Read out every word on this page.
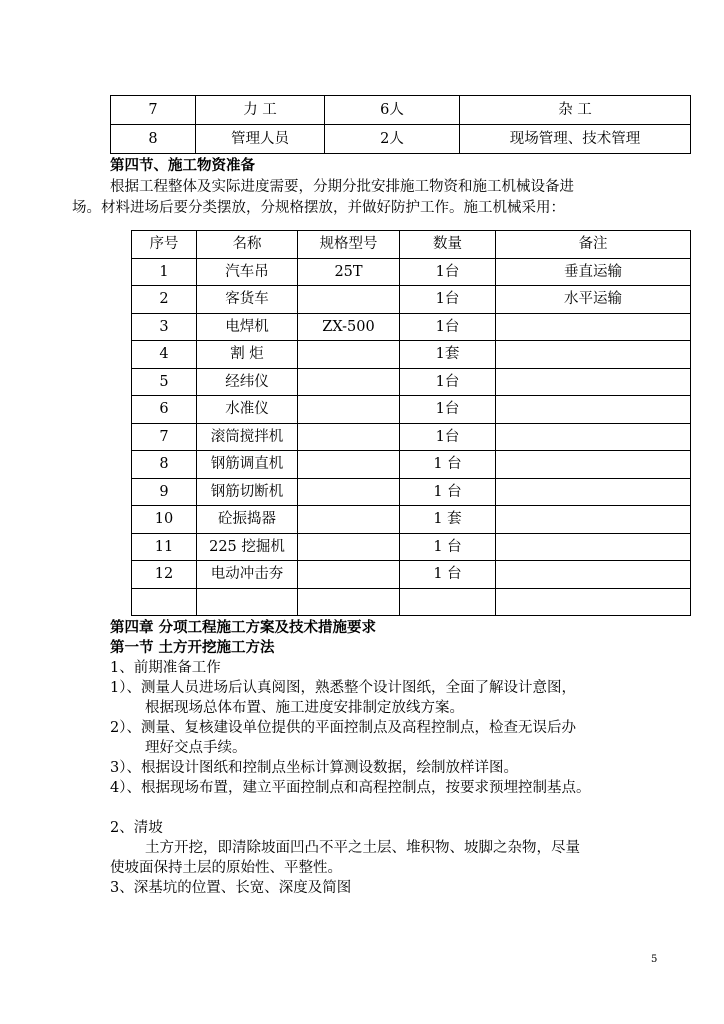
7	力 工	6人	杂 工
8	管理人员	2人	现场管理、技术管理
第四节、施工物资准备
根据工程整体及实际进度需要，分期分批安排施工物资和施工机械设备进
场。材料进场后要分类摆放，分规格摆放，并做好防护工作。施工机械采用：
序号	名称	规格型号	数量	备注
1	汽车吊	25T	1台	垂直运输
2	客货车		1台	水平运输
3	电焊机	ZX-500	1台	
4	割 炬		1套	
5	经纬仪		1台	
6	水准仪		1台	
7	滚筒搅拌机		1台	
8	钢筋调直机		1 台	
9	钢筋切断机		1 台	
10	砼振捣器		1 套	
11	225 挖掘机		1 台	
12	电动冲击夯		1 台	

第四章 分项工程施工方案及技术措施要求
第一节 土方开挖施工方法
1、前期准备工作
1）、测量人员进场后认真阅图，熟悉整个设计图纸，全面了解设计意图，
根据现场总体布置、施工进度安排制定放线方案。
2）、测量、复核建设单位提供的平面控制点及高程控制点，检查无误后办
理好交点手续。
3）、根据设计图纸和控制点坐标计算测设数据，绘制放样详图。
4）、根据现场布置，建立平面控制点和高程控制点，按要求预埋控制基点。
2、清坡
土方开挖，即清除坡面凹凸不平之土层、堆积物、坡脚之杂物，尽量
使坡面保持土层的原始性、平整性。
3、深基坑的位置、长宽、深度及简图
5
